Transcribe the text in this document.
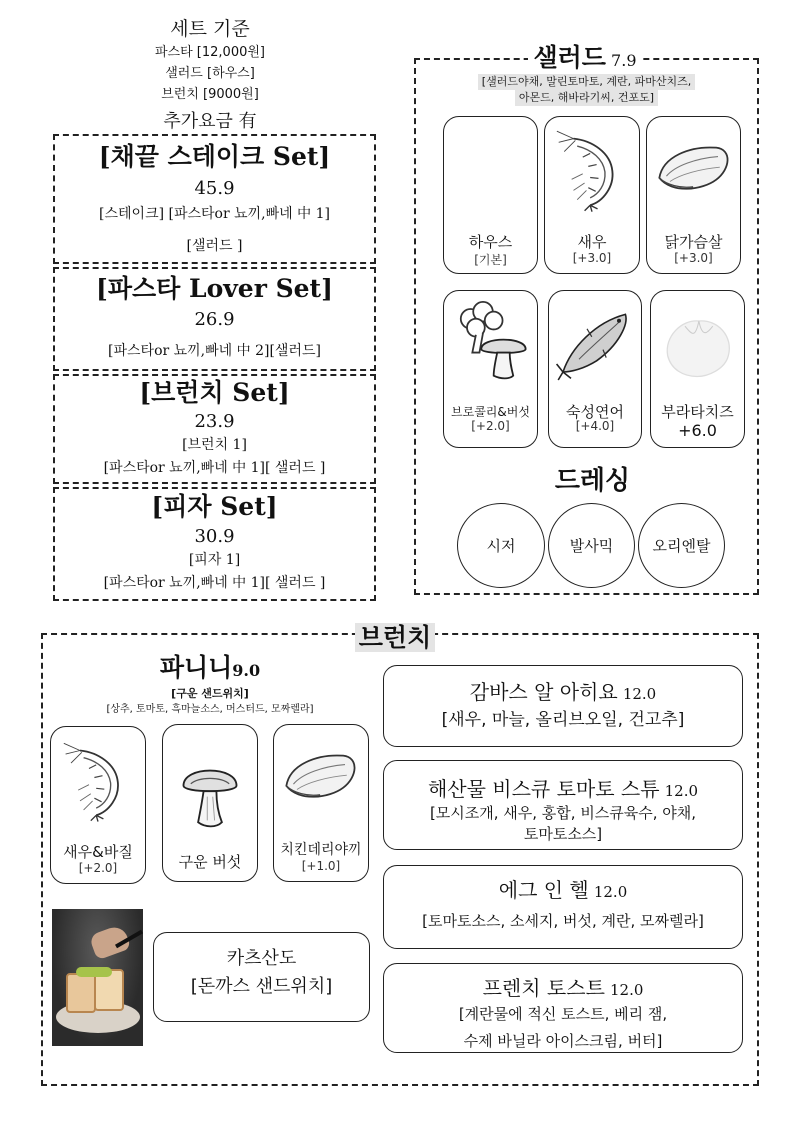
세트 기준
파스타 [12,000원]
샐러드 [하우스]
브런치 [9000원]
추가요금 有
[채끝 스테이크 Set]
45.9
[스테이크] [파스타or 뇨끼,빠네 中 1]
[샐러드 ]
[파스타 Lover Set]
26.9
[파스타or 뇨끼,빠네 中 2][샐러드]
[브런치 Set]
23.9
[브런치 1]
[파스타or 뇨끼,빠네 中 1][ 샐러드 ]
[피자 Set]
30.9
[피자 1]
[파스타or 뇨끼,빠네 中 1][ 샐러드 ]
샐러드 7.9
[샐러드야채, 말린토마토, 계란, 파마산치즈,
아몬드, 해바라기씨, 건포도]
하우스
[기본]
새우
[+3.0]
닭가슴살
[+3.0]
브로콜리&버섯
[+2.0]
숙성연어
[+4.0]
부라타치즈
+6.0
드레싱
시저	발사믹	오리엔탈
브런치
파니니9.0
[구운 샌드위치]
[상추, 토마토, 흑마늘소스, 머스터드, 모짜렐라]
새우&바질
[+2.0]	구운 버섯
치킨데리야끼
[+1.0]
카츠산도
[돈까스 샌드위치]
감바스 알 아히요 12.0
[새우, 마늘, 올리브오일, 건고추]
해산물 비스큐 토마토 스튜 12.0
[모시조개, 새우, 홍합, 비스큐육수, 야채,
토마토소스]
에그 인 헬 12.0
[토마토소스, 소세지, 버섯, 계란, 모짜렐라]
프렌치 토스트 12.0
[계란물에 적신 토스트, 베리 잼,
수제 바닐라 아이스크림, 버터]
